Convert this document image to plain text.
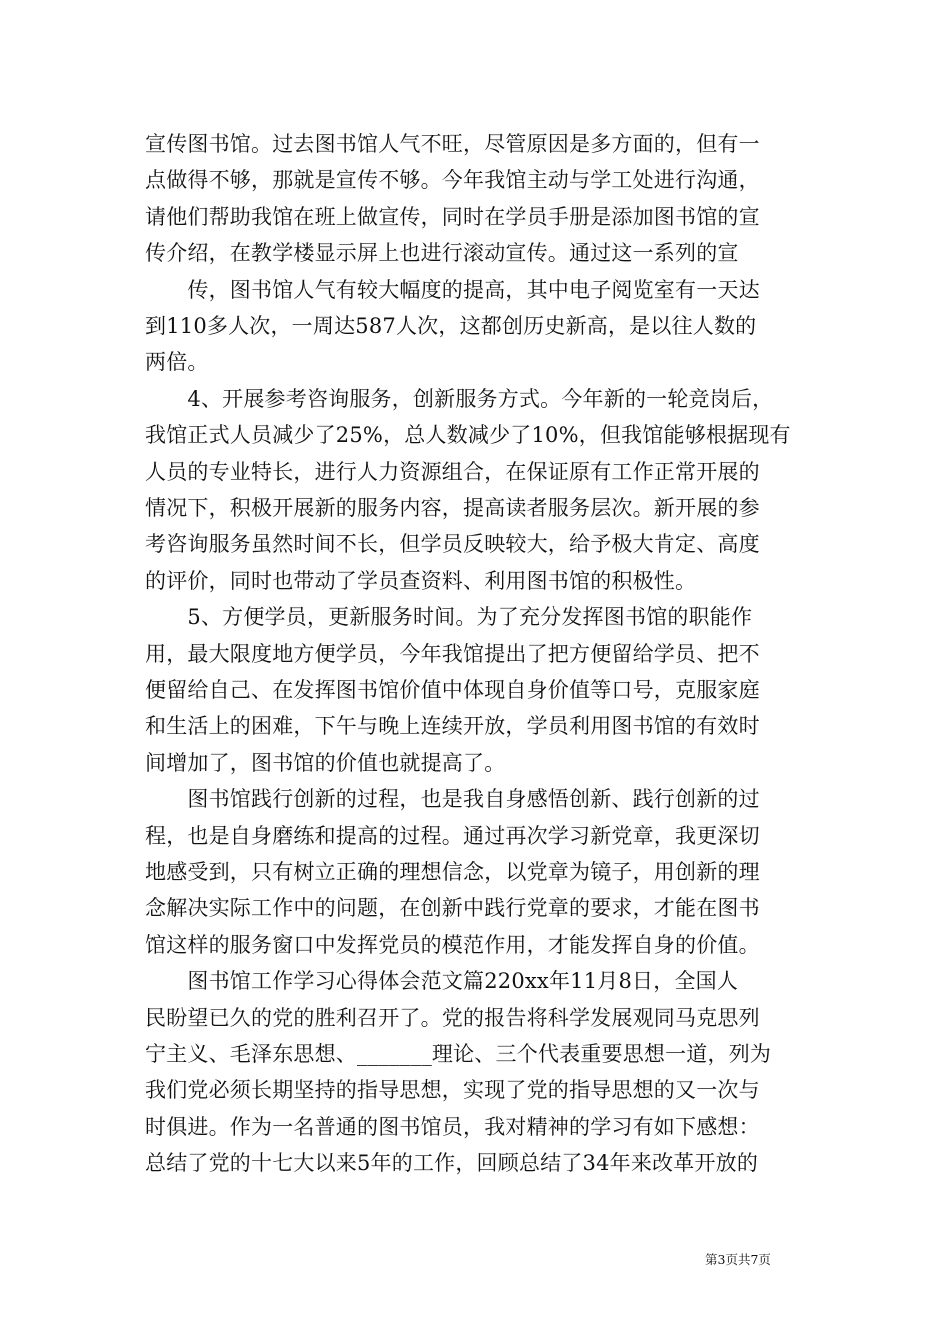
宣传图书馆。过去图书馆人气不旺，尽管原因是多方面的，但有一
点做得不够，那就是宣传不够。今年我馆主动与学工处进行沟通，
请他们帮助我馆在班上做宣传，同时在学员手册是添加图书馆的宣
传介绍，在教学楼显示屏上也进行滚动宣传。通过这一系列的宣
　　传，图书馆人气有较大幅度的提高，其中电子阅览室有一天达
到110多人次，一周达587人次，这都创历史新高，是以往人数的
两倍。
　　4、开展参考咨询服务，创新服务方式。今年新的一轮竞岗后，
我馆正式人员减少了25%，总人数减少了10%，但我馆能够根据现有
人员的专业特长，进行人力资源组合，在保证原有工作正常开展的
情况下，积极开展新的服务内容，提高读者服务层次。新开展的参
考咨询服务虽然时间不长，但学员反映较大，给予极大肯定、高度
的评价，同时也带动了学员查资料、利用图书馆的积极性。
　　5、方便学员，更新服务时间。为了充分发挥图书馆的职能作
用，最大限度地方便学员，今年我馆提出了把方便留给学员、把不
便留给自己、在发挥图书馆价值中体现自身价值等口号，克服家庭
和生活上的困难，下午与晚上连续开放，学员利用图书馆的有效时
间增加了，图书馆的价值也就提高了。
　　图书馆践行创新的过程，也是我自身感悟创新、践行创新的过
程，也是自身磨练和提高的过程。通过再次学习新党章，我更深切
地感受到，只有树立正确的理想信念，以党章为镜子，用创新的理
念解决实际工作中的问题，在创新中践行党章的要求，才能在图书
馆这样的服务窗口中发挥党员的模范作用，才能发挥自身的价值。
　　图书馆工作学习心得体会范文篇220xx年11月8日，全国人
民盼望已久的党的胜利召开了。党的报告将科学发展观同马克思列
宁主义、毛泽东思想、_______理论、三个代表重要思想一道，列为
我们党必须长期坚持的指导思想，实现了党的指导思想的又一次与
时俱进。作为一名普通的图书馆员，我对精神的学习有如下感想：
总结了党的十七大以来5年的工作，回顾总结了34年来改革开放的
第3页共7页
